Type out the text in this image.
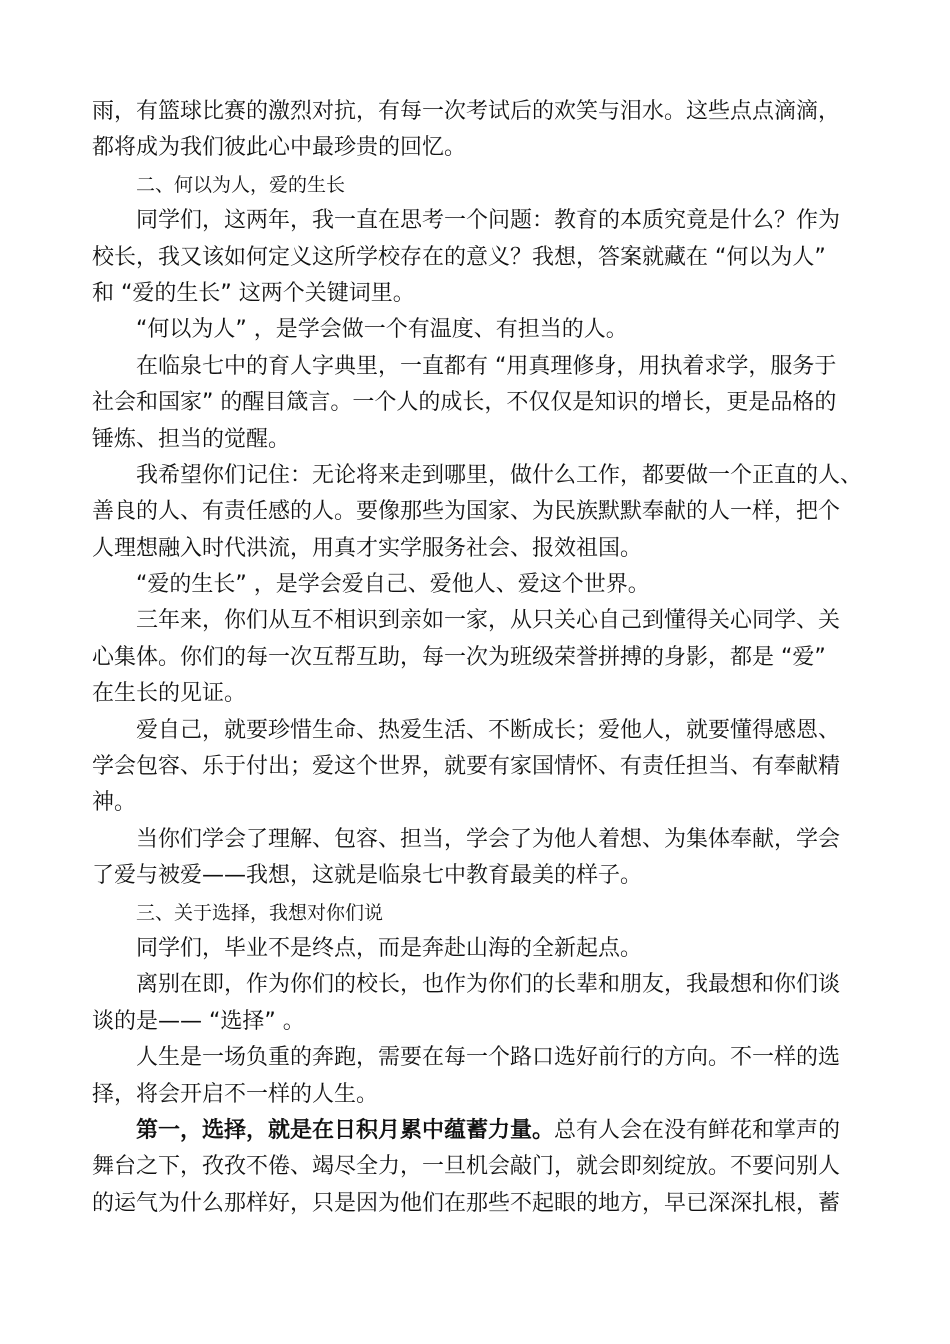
雨，有篮球比赛的激烈对抗，有每一次考试后的欢笑与泪水。这些点点滴滴，
都将成为我们彼此心中最珍贵的回忆。
二、何以为人，爱的生长
同学们，这两年，我一直在思考一个问题：教育的本质究竟是什么？作为
校长，我又该如何定义这所学校存在的意义？我想，答案就藏在 “何以为人”
和 “爱的生长” 这两个关键词里。
“何以为人” ，是学会做一个有温度、有担当的人。
在临泉七中的育人字典里，一直都有 “用真理修身，用执着求学，服务于
社会和国家” 的醒目箴言。一个人的成长，不仅仅是知识的增长，更是品格的
锤炼、担当的觉醒。
我希望你们记住：无论将来走到哪里，做什么工作，都要做一个正直的人、
善良的人、有责任感的人。要像那些为国家、为民族默默奉献的人一样，把个
人理想融入时代洪流，用真才实学服务社会、报效祖国。
“爱的生长” ，是学会爱自己、爱他人、爱这个世界。
三年来，你们从互不相识到亲如一家，从只关心自己到懂得关心同学、关
心集体。你们的每一次互帮互助，每一次为班级荣誉拼搏的身影，都是 “爱”
在生长的见证。
爱自己，就要珍惜生命、热爱生活、不断成长；爱他人，就要懂得感恩、
学会包容、乐于付出；爱这个世界，就要有家国情怀、有责任担当、有奉献精
神。
当你们学会了理解、包容、担当，学会了为他人着想、为集体奉献，学会
了爱与被爱——我想，这就是临泉七中教育最美的样子。
三、关于选择，我想对你们说
同学们，毕业不是终点，而是奔赴山海的全新起点。
离别在即，作为你们的校长，也作为你们的长辈和朋友，我最想和你们谈
谈的是—— “选择” 。
人生是一场负重的奔跑，需要在每一个路口选好前行的方向。不一样的选
择，将会开启不一样的人生。
第一，选择，就是在日积月累中蕴蓄力量。总有人会在没有鲜花和掌声的
舞台之下，孜孜不倦、竭尽全力，一旦机会敲门，就会即刻绽放。不要问别人
的运气为什么那样好，只是因为他们在那些不起眼的地方，早已深深扎根，蓄
